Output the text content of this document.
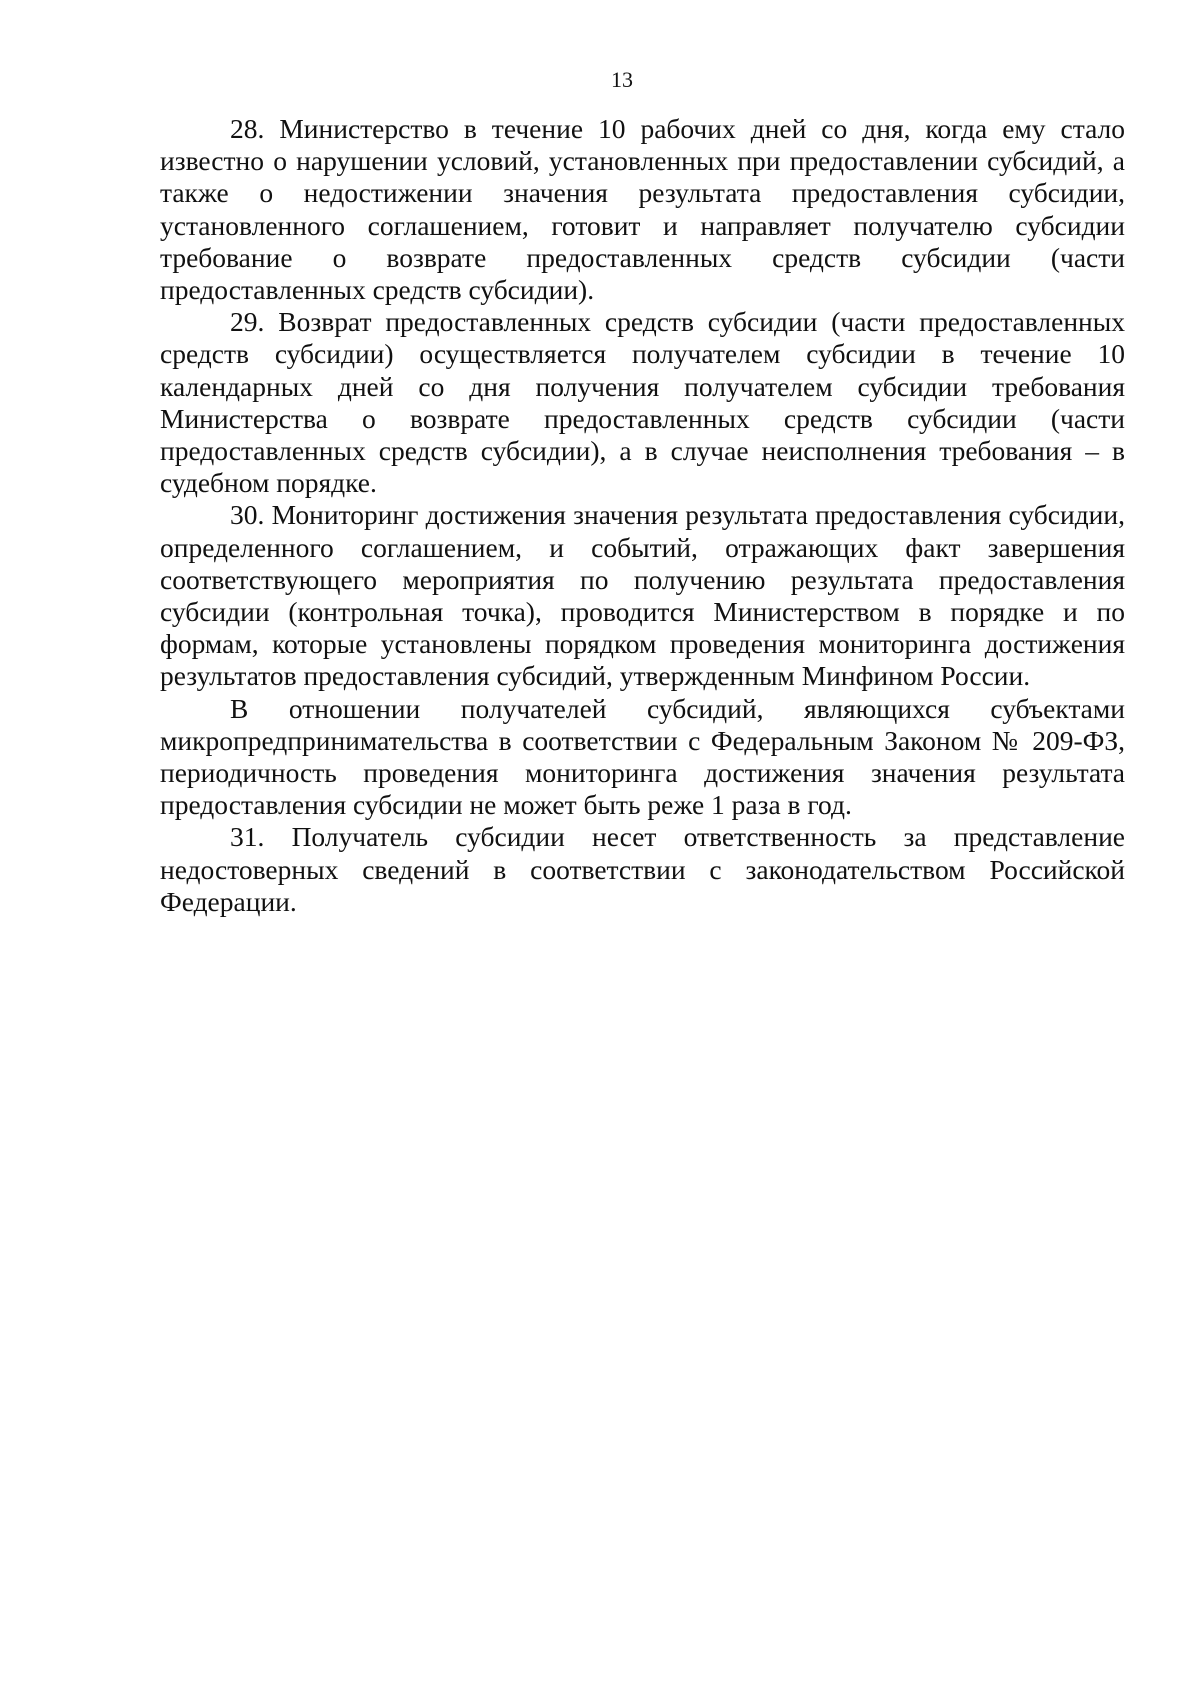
13

28. Министерство в течение 10 рабочих дней со дня, когда ему стало известно о нарушении условий, установленных при предоставлении субсидий, а также о недостижении значения результата предоставления субсидии, установленного соглашением, готовит и направляет получателю субсидии требование о возврате предоставленных средств субсидии (части предоставленных средств субсидии).

29. Возврат предоставленных средств субсидии (части предоставленных средств субсидии) осуществляется получателем субсидии в течение 10 календарных дней со дня получения получателем субсидии требования Министерства о возврате предоставленных средств субсидии (части предоставленных средств субсидии), а в случае неисполнения требования – в судебном порядке.

30. Мониторинг достижения значения результата предоставления субсидии, определенного соглашением, и событий, отражающих факт завершения соответствующего мероприятия по получению результата предоставления субсидии (контрольная точка), проводится Министерством в порядке и по формам, которые установлены порядком проведения мониторинга достижения результатов предоставления субсидий, утвержденным Минфином России.

В отношении получателей субсидий, являющихся субъектами микропредпринимательства в соответствии с Федеральным Законом № 209-ФЗ, периодичность проведения мониторинга достижения значения результата предоставления субсидии не может быть реже 1 раза в год.

31. Получатель субсидии несет ответственность за представление недостоверных сведений в соответствии с законодательством Российской Федерации.
